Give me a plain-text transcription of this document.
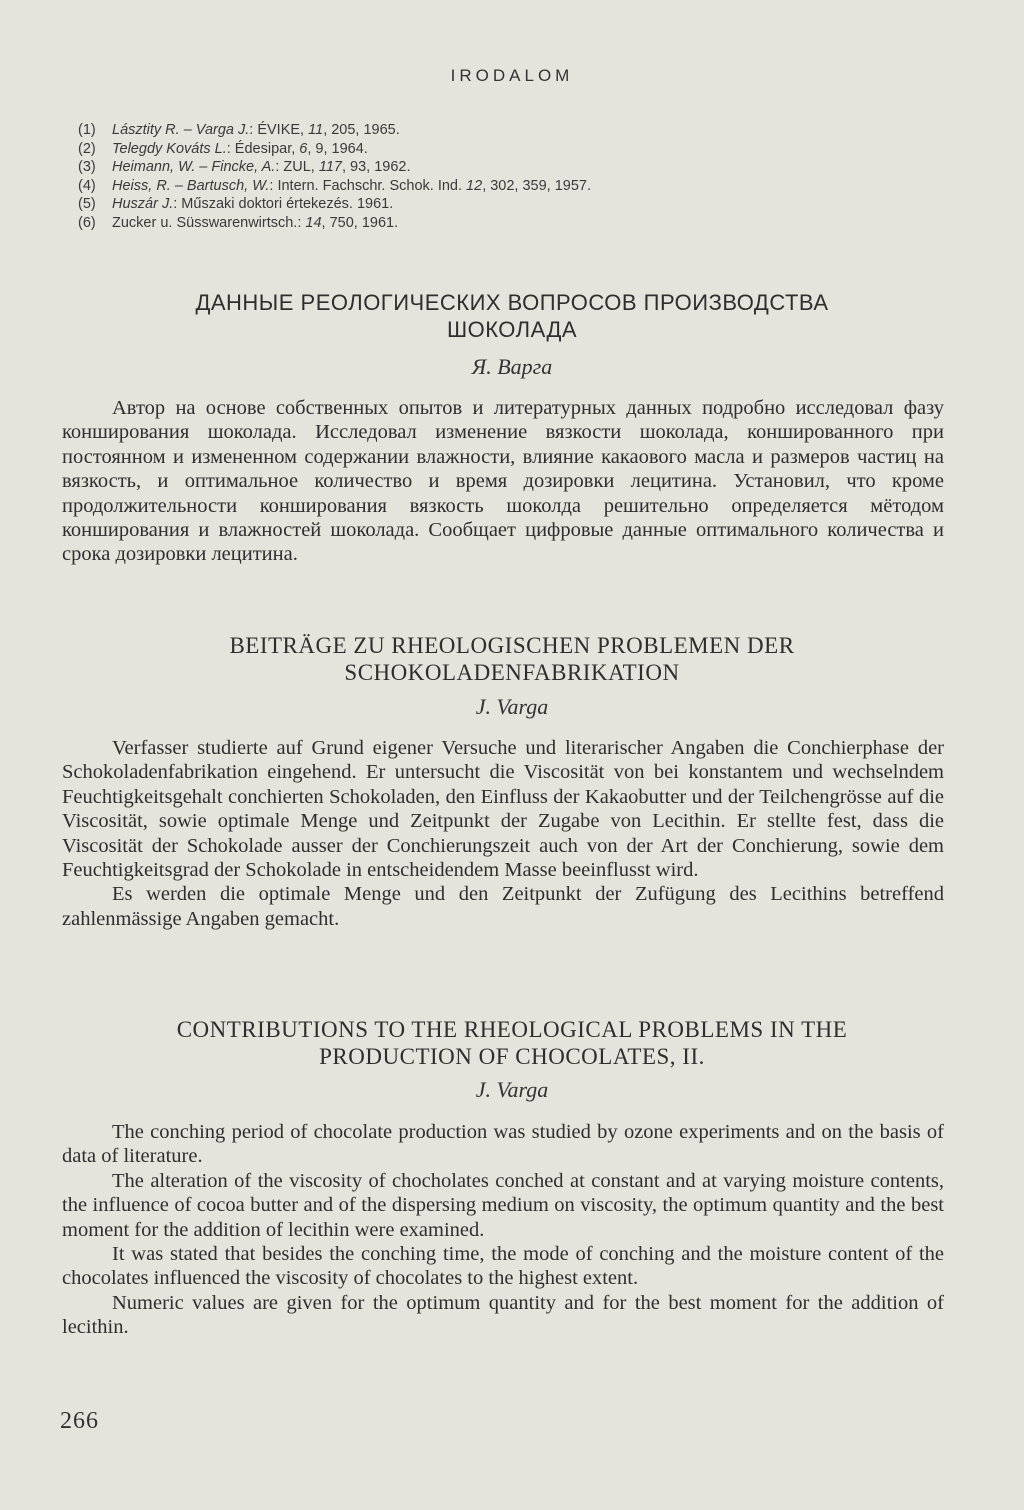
IRODALOM
(1) Lásztity R. – Varga J.: ÉVIKE, 11, 205, 1965.
(2) Telegdy Kováts L.: Édesipar, 6, 9, 1964.
(3) Heimann, W. – Fincke, A.: ZUL, 117, 93, 1962.
(4) Heiss, R. – Bartusch, W.: Intern. Fachschr. Schok. Ind. 12, 302, 359, 1957.
(5) Huszár J.: Műszaki doktori értekezés. 1961.
(6) Zucker u. Süsswarenwirtsch.: 14, 750, 1961.
ДАННЫЕ РЕОЛОГИЧЕСКИХ ВОПРОСОВ ПРОИЗВОДСТВА
ШОКОЛАДА
Я. Варга

Автор на основе собственных опытов и литературных данных подробно исследовал фазу конширования шоколада. Исследовал изменение вязкости шоколада, коншированного при постоянном и измененном содержании влажности, влияние какаового масла и размеров частиц на вязкость, и оптимальное количество и время дозировки лецитина. Установил, что кроме продолжительности конширования вязкость шоколда решительно определяется мётодом конширования и влажностей шоколада. Сообщает цифровые данные оптимального количества и срока дозировки лецитина.

BEITRÄGE ZU RHEOLOGISCHEN PROBLEMEN DER
SCHOKOLADENFABRIKATION
J. Varga

Verfasser studierte auf Grund eigener Versuche und literarischer Angaben die Conchierphase der Schokoladenfabrikation eingehend. Er untersucht die Viscosität von bei konstantem und wechselndem Feuchtigkeitsgehalt conchierten Schokoladen, den Einfluss der Kakaobutter und der Teilchengrösse auf die Viscosität, sowie optimale Menge und Zeitpunkt der Zugabe von Lecithin. Er stellte fest, dass die Viscosität der Schokolade ausser der Conchierungszeit auch von der Art der Conchierung, sowie dem Feuchtigkeitsgrad der Schokolade in entscheidendem Masse beeinflusst wird.

Es werden die optimale Menge und den Zeitpunkt der Zufügung des Lecithins betreffend zahlenmässige Angaben gemacht.

CONTRIBUTIONS TO THE RHEOLOGICAL PROBLEMS IN THE
PRODUCTION OF CHOCOLATES, II.
J. Varga

The conching period of chocolate production was studied by ozone experiments and on the basis of data of literature.

The alteration of the viscosity of chocholates conched at constant and at varying moisture contents, the influence of cocoa butter and of the dispersing medium on viscosity, the optimum quantity and the best moment for the addition of lecithin were examined.

It was stated that besides the conching time, the mode of conching and the moisture content of the chocolates influenced the viscosity of chocolates to the highest extent.

Numeric values are given for the optimum quantity and for the best moment for the addition of lecithin.

266
